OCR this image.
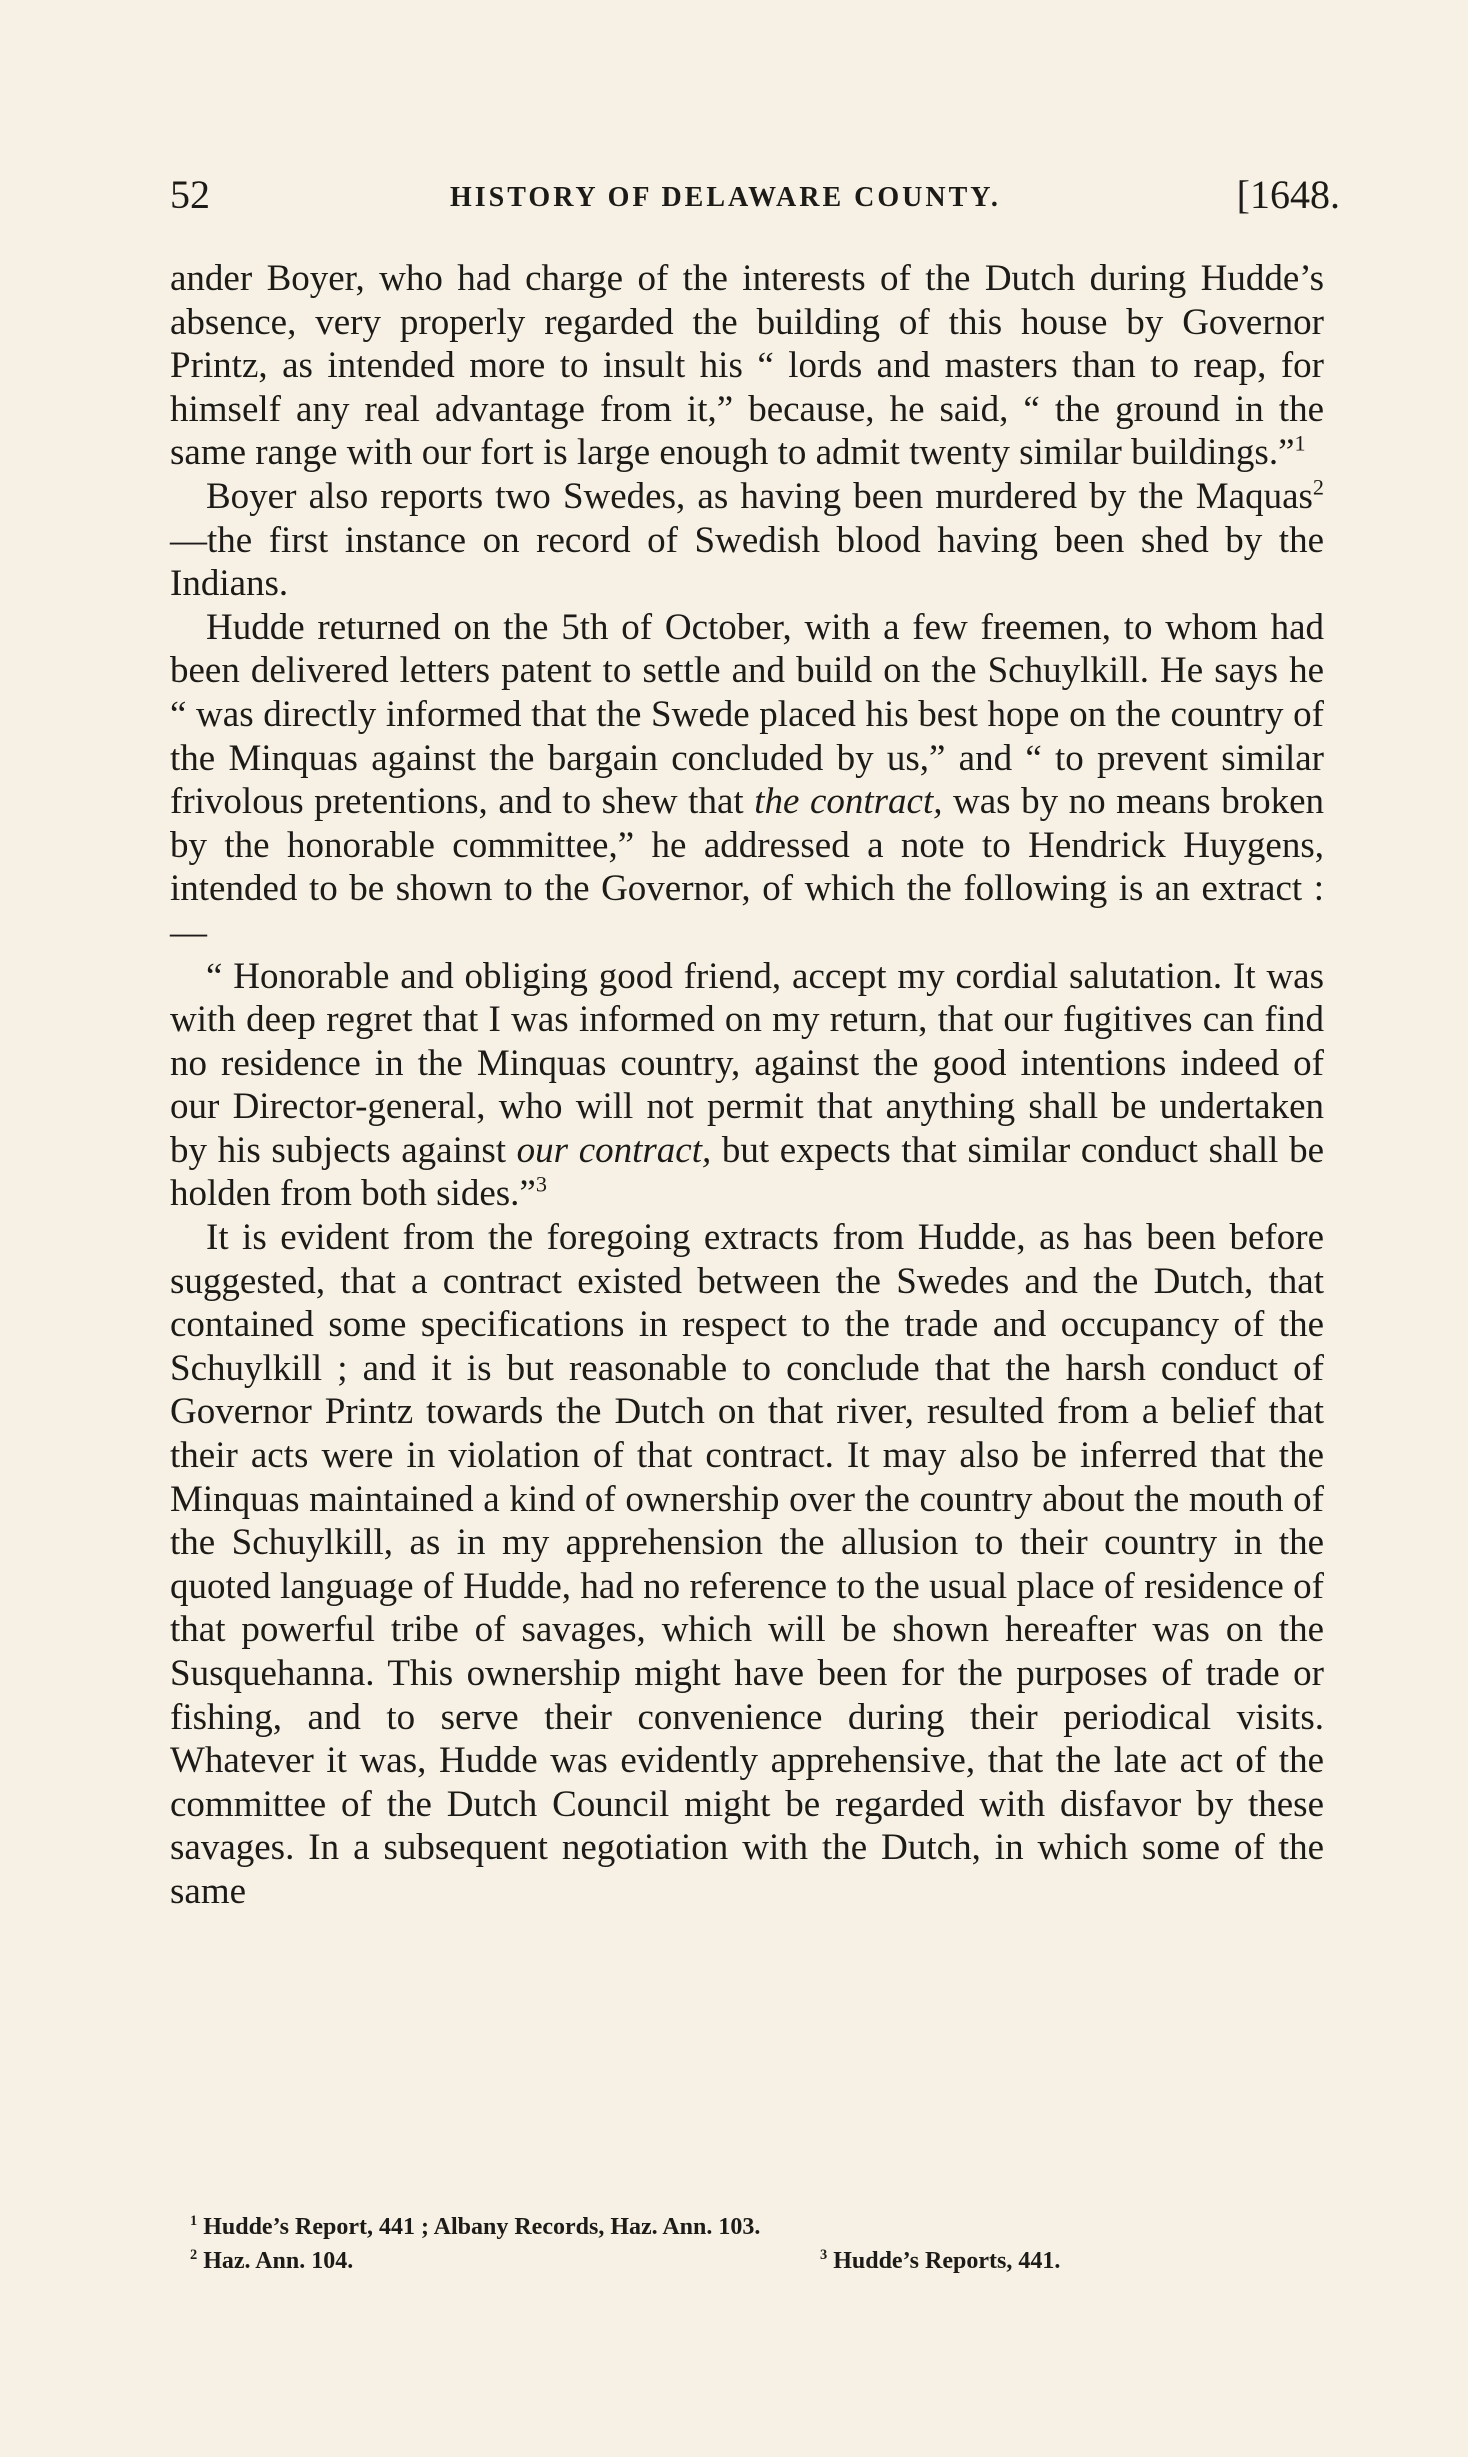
52	HISTORY OF DELAWARE COUNTY.	[1648.

ander Boyer, who had charge of the interests of the Dutch during Hudde’s absence, very properly regarded the building of this house by Governor Printz, as intended more to insult his “ lords and masters than to reap, for himself any real advantage from it,” because, he said, “ the ground in the same range with our fort is large enough to admit twenty similar buildings.”$^1$

Boyer also reports two Swedes, as having been murdered by the Maquas$^2$—the first instance on record of Swedish blood having been shed by the Indians.

Hudde returned on the 5th of October, with a few freemen, to whom had been delivered letters patent to settle and build on the Schuylkill. He says he “ was directly informed that the Swede placed his best hope on the country of the Minquas against the bargain concluded by us,” and “ to prevent similar frivolous pretentions, and to shew that the contract, was by no means broken by the honorable committee,” he addressed a note to Hendrick Huygens, intended to be shown to the Governor, of which the following is an extract :—

“ Honorable and obliging good friend, accept my cordial salutation. It was with deep regret that I was informed on my return, that our fugitives can find no residence in the Minquas country, against the good intentions indeed of our Director-general, who will not permit that anything shall be undertaken by his subjects against our contract, but expects that similar conduct shall be holden from both sides.”$^3$

It is evident from the foregoing extracts from Hudde, as has been before suggested, that a contract existed between the Swedes and the Dutch, that contained some specifications in respect to the trade and occupancy of the Schuylkill ; and it is but reasonable to conclude that the harsh conduct of Governor Printz towards the Dutch on that river, resulted from a belief that their acts were in violation of that contract. It may also be inferred that the Minquas maintained a kind of ownership over the country about the mouth of the Schuylkill, as in my apprehension the allusion to their country in the quoted language of Hudde, had no reference to the usual place of residence of that powerful tribe of savages, which will be shown hereafter was on the Susquehanna. This ownership might have been for the purposes of trade or fishing, and to serve their convenience during their periodical visits. Whatever it was, Hudde was evidently apprehensive, that the late act of the committee of the Dutch Council might be regarded with disfavor by these savages. In a subsequent negotiation with the Dutch, in which some of the same

$^1$ Hudde’s Report, 441 ; Albany Records, Haz. Ann. 103.
$^2$ Haz. Ann. 104.	$^3$ Hudde’s Reports, 441.
